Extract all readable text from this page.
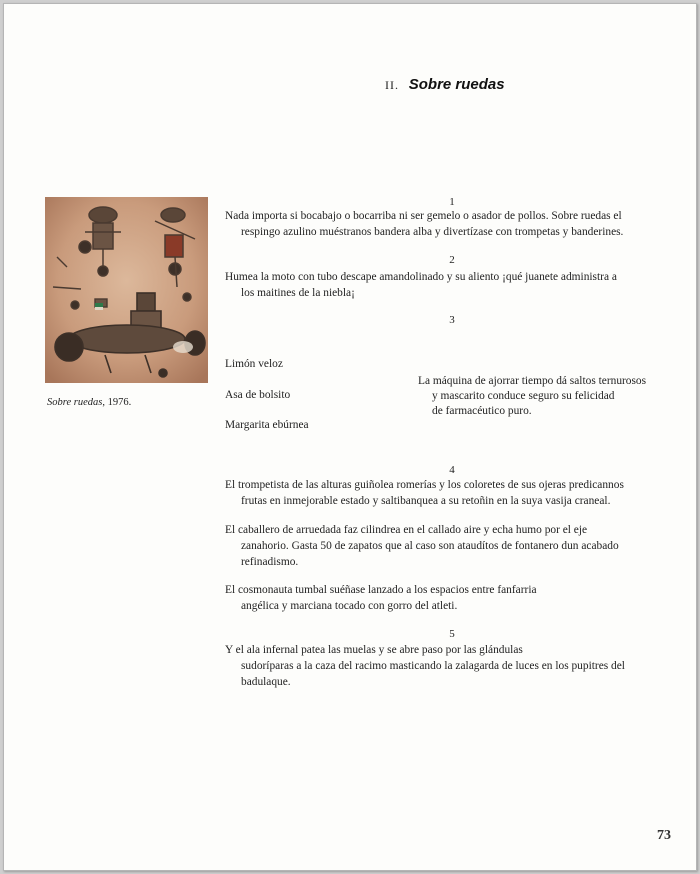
II. Sobre ruedas
Sobre ruedas, 1976.
1
Nada importa si bocabajo o bocarriba ni ser gemelo o asador de pollos. Sobre ruedas el
respingo azulino muéstranos bandera alba y divertízase con trompetas y banderines.
2
Humea la moto con tubo descape amandolinado y su aliento ¡qué juanete administra a
los maitines de la niebla¡
3
Limón veloz
Asa de bolsito
Margarita ebúrnea
La máquina de ajorrar tiempo dá saltos ternurosos
y mascarito conduce seguro su felicidad
de farmacéutico puro.
4
El trompetista de las alturas guiñolea romerías y los coloretes de sus ojeras predicannos
frutas en inmejorable estado y saltibanquea a su retoñin en la suya vasija craneal.
El caballero de arruedada faz cilindrea en el callado aire y echa humo por el eje
zanahorio. Gasta 50 de zapatos que al caso son ataudítos de fontanero dun acabado
refinadismo.
El cosmonauta tumbal suéñase lanzado a los espacios entre fanfarria
angélica y marciana tocado con gorro del atleti.
5
Y el ala infernal patea las muelas y se abre paso por las glándulas
sudoríparas a la caza del racimo masticando la zalagarda de luces en los pupitres del
badulaque.
73
